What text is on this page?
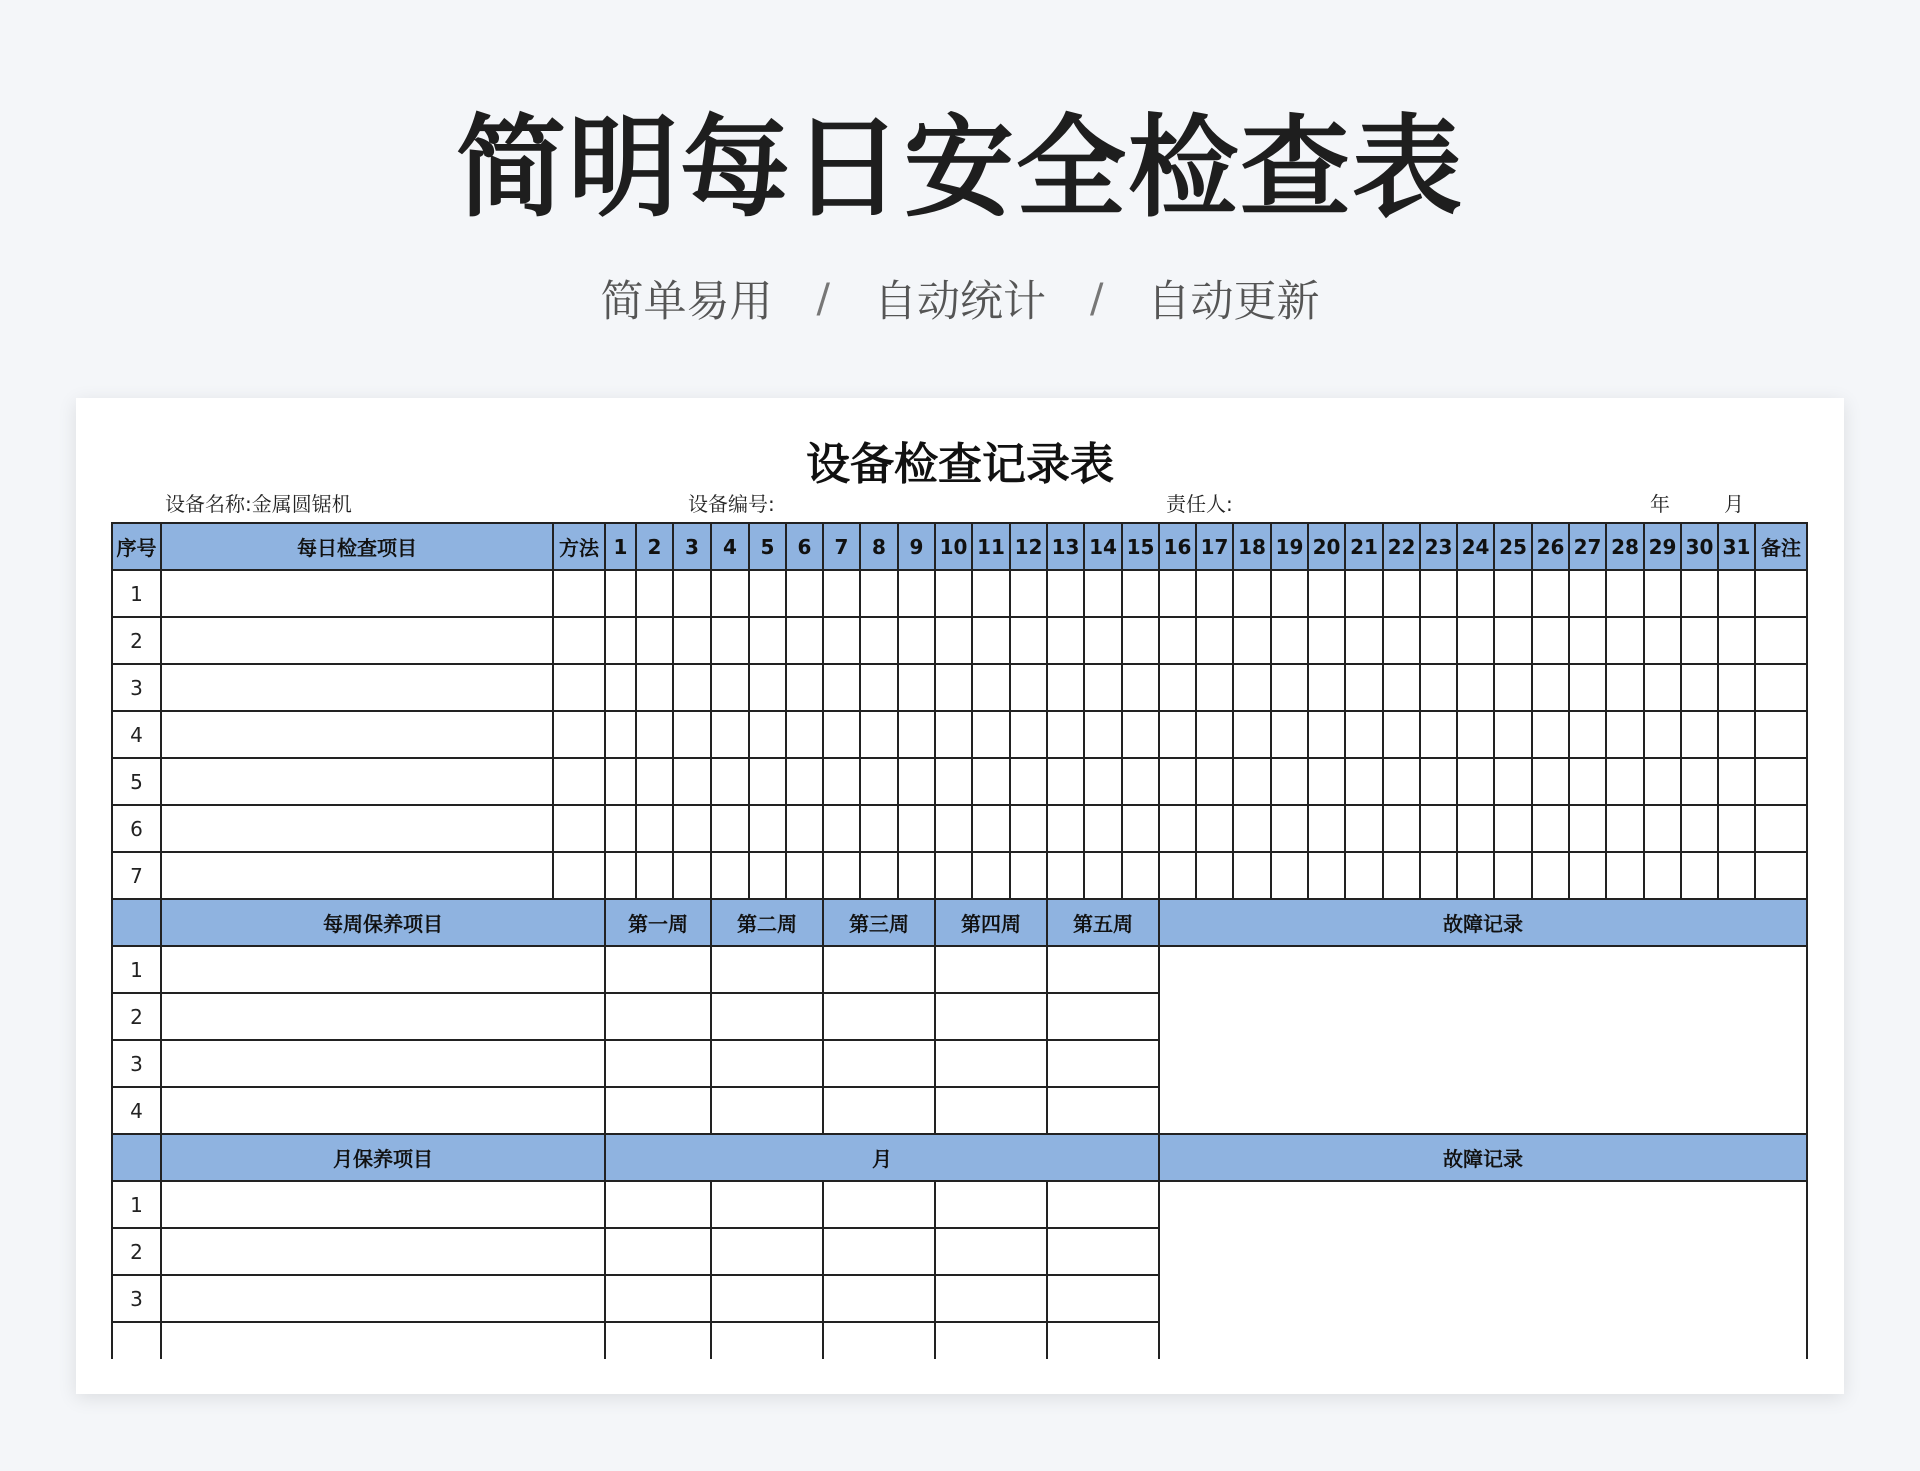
简明每日安全检查表
简单易用 / 自动统计 / 自动更新
设备检查记录表
设备名称:金属圆锯机	设备编号:	责任人:	年	月
序号	每日检查项目	方法	1	2	3	4	5	6	7	8	9	10	11	12	13	14	15	16	17	18	19	20	21	22	23	24	25	26	27	28	29	30	31	备注
1																																		
2																																		
3																																		
4																																		
5																																		
6																																		
7																																		
	每周保养项目		第一周			第二周			第三周			第四周			第五周			故障记录																
1																																		
2																																		
3																																		
4																																		
	月保养项目		月															故障记录																
1																																		
2																																		
3																																		
